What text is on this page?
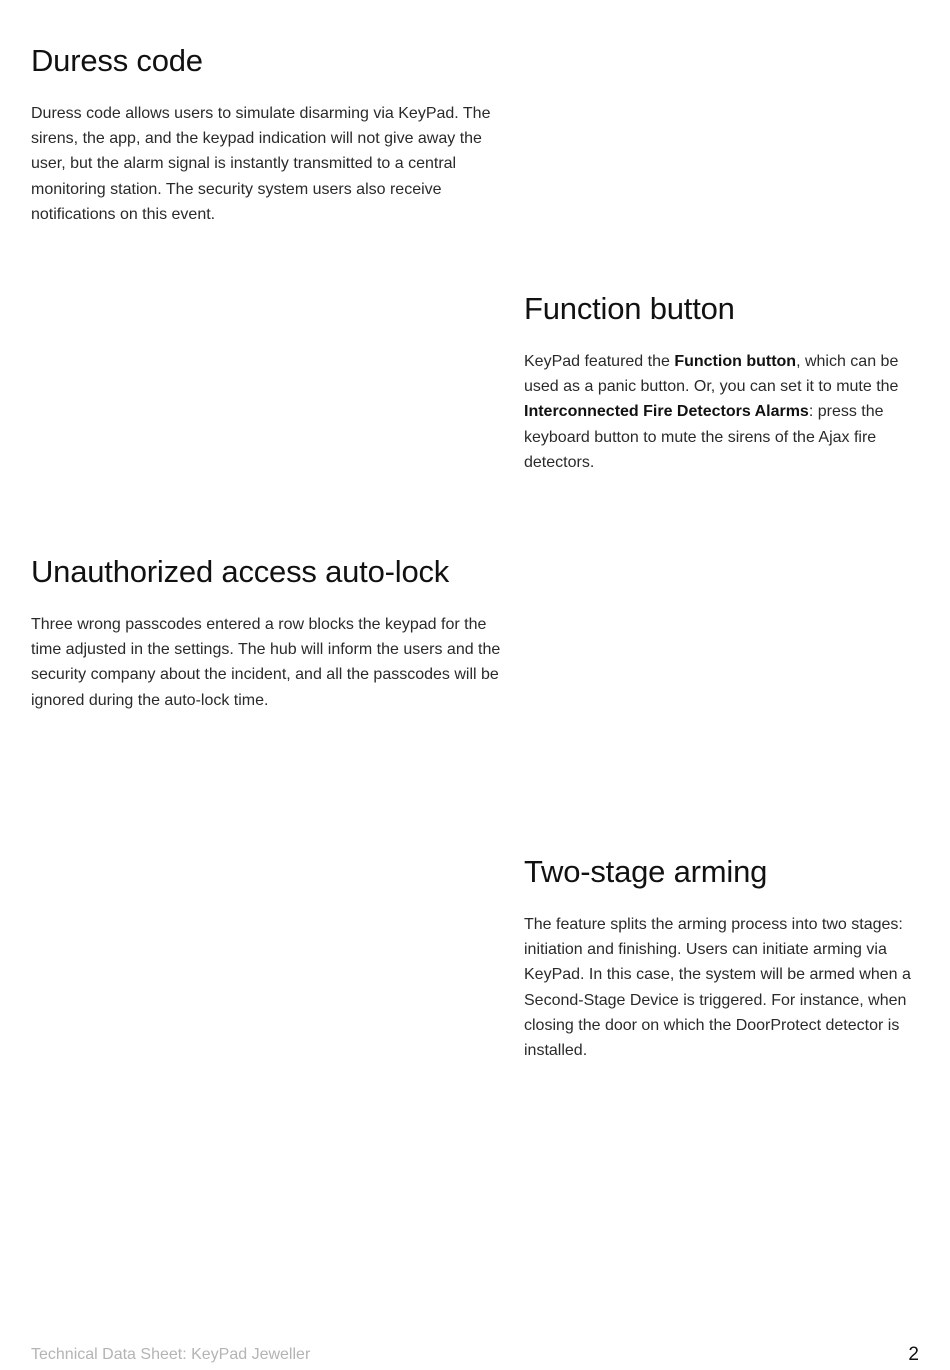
Duress code

Duress code allows users to simulate disarming via KeyPad. The sirens, the app, and the keypad indication will not give away the user, but the alarm signal is instantly transmitted to a central monitoring station. The security system users also receive notifications on this event.

Function button

KeyPad featured the Function button, which can be used as a panic button. Or, you can set it to mute the Interconnected Fire Detectors Alarms: press the keyboard button to mute the sirens of the Ajax fire detectors.

Unauthorized access auto-lock

Three wrong passcodes entered a row blocks the keypad for the time adjusted in the settings. The hub will inform the users and the security company about the incident, and all the passcodes will be ignored during the auto-lock time.

Two-stage arming

The feature splits the arming process into two stages: initiation and finishing. Users can initiate arming via KeyPad. In this case, the system will be armed when a Second-Stage Device is triggered. For instance, when closing the door on which the DoorProtect detector is installed.

Technical Data Sheet: KeyPad Jeweller	2
